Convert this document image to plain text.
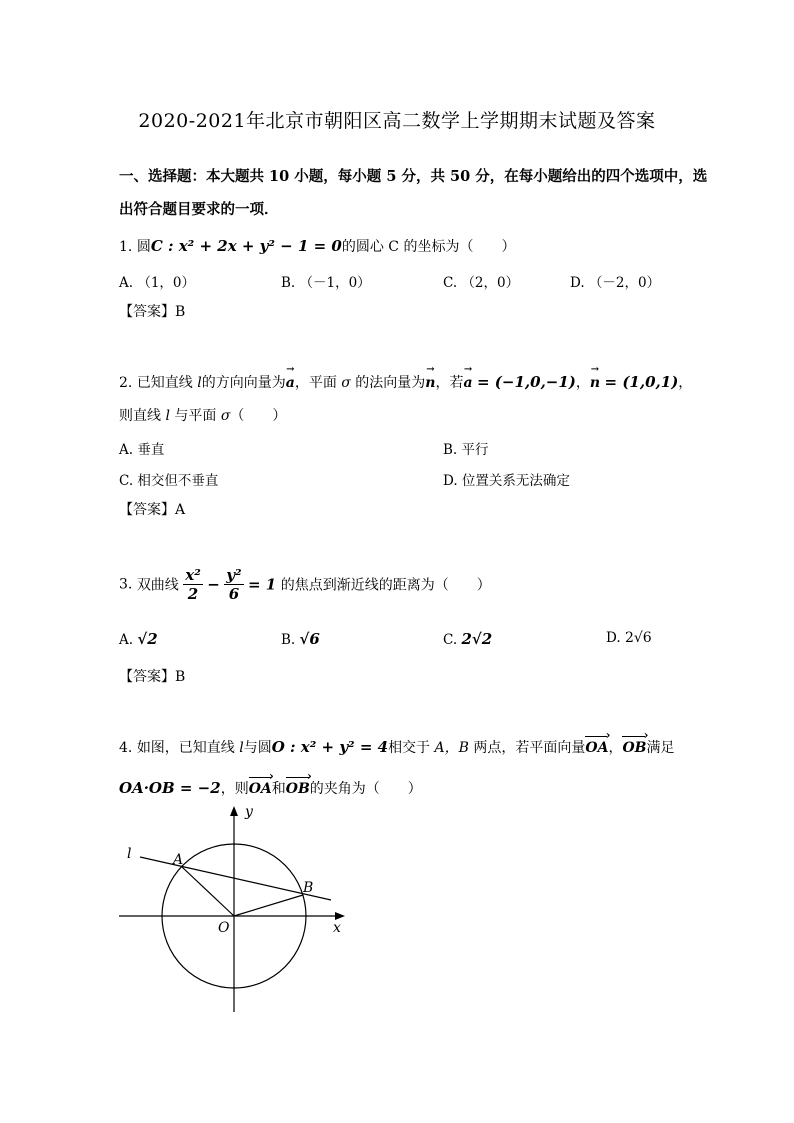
2020-2021年北京市朝阳区高二数学上学期期末试题及答案
一、选择题：本大题共 10 小题，每小题 5 分，共 50 分，在每小题给出的四个选项中，选
出符合题目要求的一项．
1. 圆C : x² + 2x + y² − 1 = 0的圆心 C 的坐标为（　　）
A. （1，0）	B. （－1，0）	C. （2，0）	D. （－2，0）
【答案】B
2. 已知直线 l的方向向量为→ a，平面 σ 的法向量为→ n，若→ a = (−1,0,−1)，→ n = (1,0,1)，
则直线 l 与平面 σ（　　）
A. 垂直	B. 平行
C. 相交但不垂直	D. 位置关系无法确定
【答案】A
3. 双曲线 $\frac{\text{x²}}{2} - \frac{\text{y²}}{6} = 1$ 的焦点到渐近线的距离为（　　）
A. √2	B. √6	C. 2√2	D. 2√6
【答案】B
4. 如图，已知直线 l与圆O : x² + y² = 4相交于 A，B 两点，若平面向量OA ›，OB ›满足
OA·OB = −2，则OA ›和OB ›的夹角为（　　）
y
x
l	A
B
O
